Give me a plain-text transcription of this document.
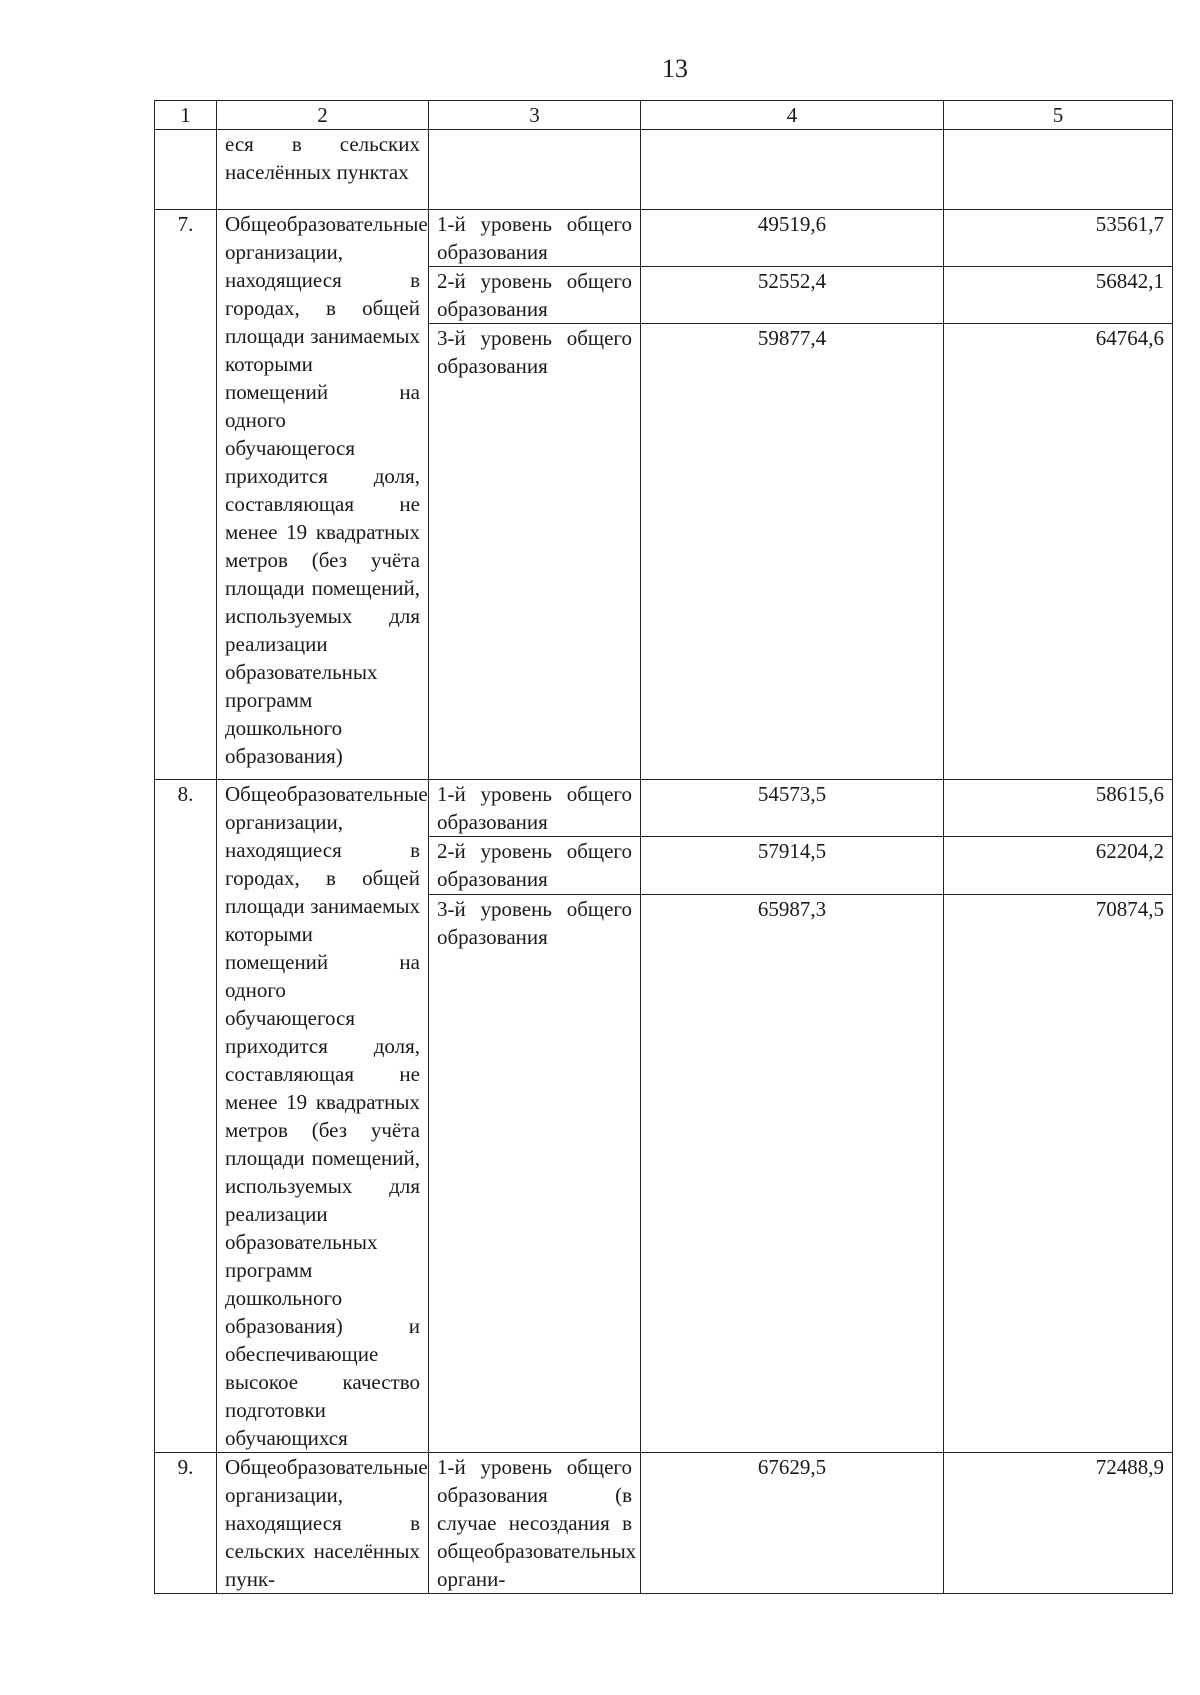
13
1	2	3	4	5
	еся в сельских населённых пунктах			
7.	Общеобразовательные организации, находящиеся в городах, в общей площади занимаемых которыми помещений на одного обучающегося приходится доля, составляющая не менее 19 квадратных метров (без учёта площади помещений, используемых для реализации образовательных программ дошкольного образования)	1-й уровень общего образования	49519,6	53561,7
		2-й уровень общего образования	52552,4	56842,1
		3-й уровень общего образования	59877,4	64764,6
8.	Общеобразовательные организации, находящиеся в городах, в общей площади занимаемых которыми помещений на одного обучающегося приходится доля, составляющая не менее 19 квадратных метров (без учёта площади помещений, используемых для реализации образовательных программ дошкольного образования) и обеспечивающие высокое качество подготовки обучающихся	1-й уровень общего образования	54573,5	58615,6
		2-й уровень общего образования	57914,5	62204,2
		3-й уровень общего образования	65987,3	70874,5
9.	Общеобразовательные организации, находящиеся в сельских населённых пунк-	1-й уровень общего образования (в случае несоздания в общеобразовательных органи-	67629,5	72488,9
